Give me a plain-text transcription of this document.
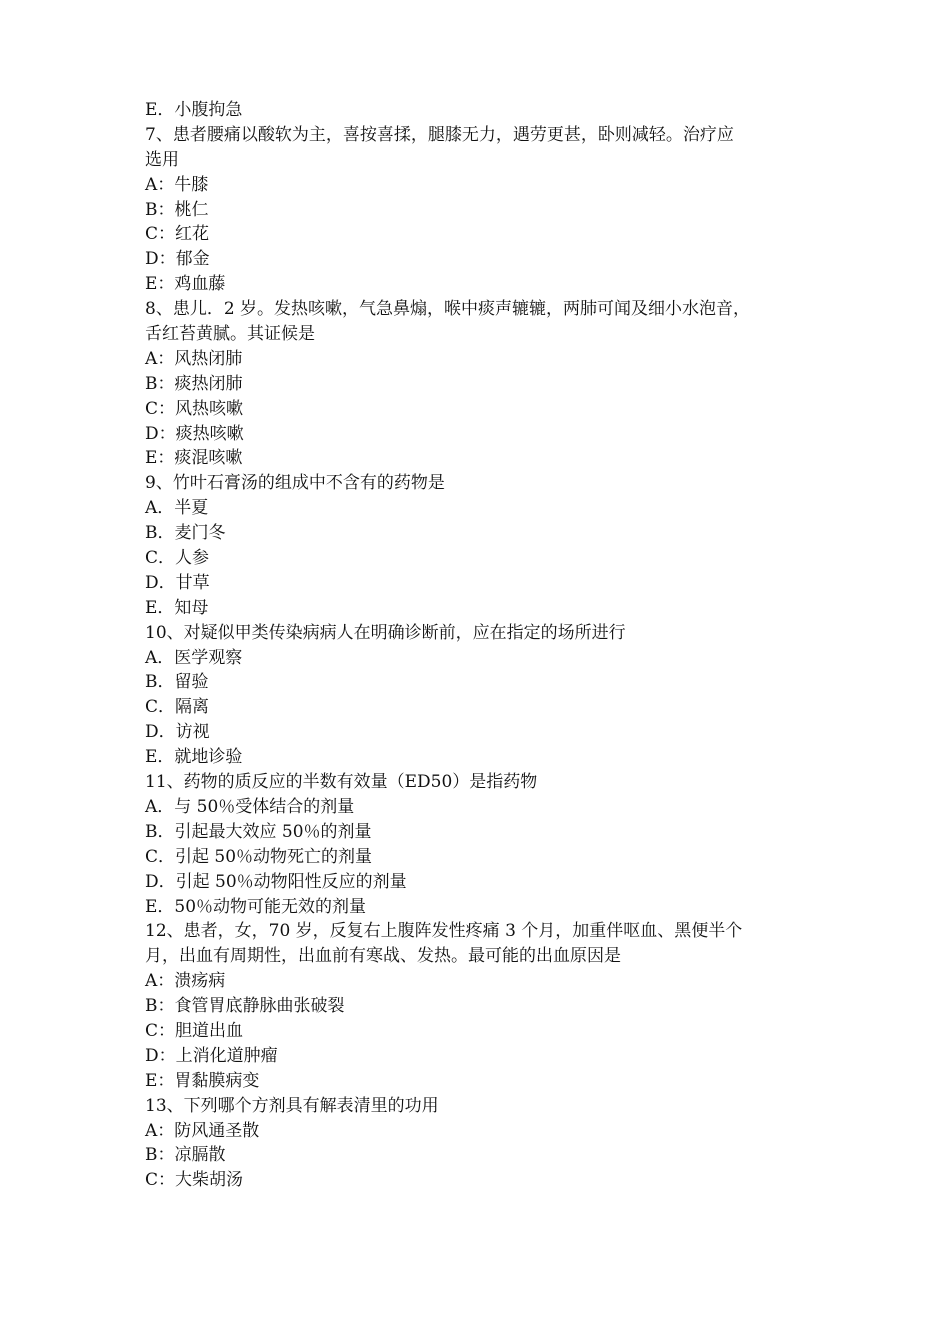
E．小腹拘急
7、患者腰痛以酸软为主，喜按喜揉，腿膝无力，遇劳更甚，卧则减轻。治疗应
选用
A：牛膝
B：桃仁
C：红花
D：郁金
E：鸡血藤
8、患儿．2 岁。发热咳嗽，气急鼻煽，喉中痰声辘辘，两肺可闻及细小水泡音，
舌红苔黄腻。其证候是
A：风热闭肺
B：痰热闭肺
C：风热咳嗽
D：痰热咳嗽
E：痰混咳嗽
9、竹叶石膏汤的组成中不含有的药物是
A．半夏
B．麦门冬
C．人参
D．甘草
E．知母
10、对疑似甲类传染病病人在明确诊断前，应在指定的场所进行
A．医学观察
B．留验
C．隔离
D．访视
E．就地诊验
11、药物的质反应的半数有效量（ED50）是指药物
A．与 50％受体结合的剂量
B．引起最大效应 50％的剂量
C．引起 50％动物死亡的剂量
D．引起 50％动物阳性反应的剂量
E．50％动物可能无效的剂量
12、患者，女，70 岁，反复右上腹阵发性疼痛 3 个月，加重伴呕血、黑便半个
月，出血有周期性，出血前有寒战、发热。最可能的出血原因是
A：溃疡病
B：食管胃底静脉曲张破裂
C：胆道出血
D：上消化道肿瘤
E：胃黏膜病变
13、下列哪个方剂具有解表清里的功用
A：防风通圣散
B：凉膈散
C：大柴胡汤
